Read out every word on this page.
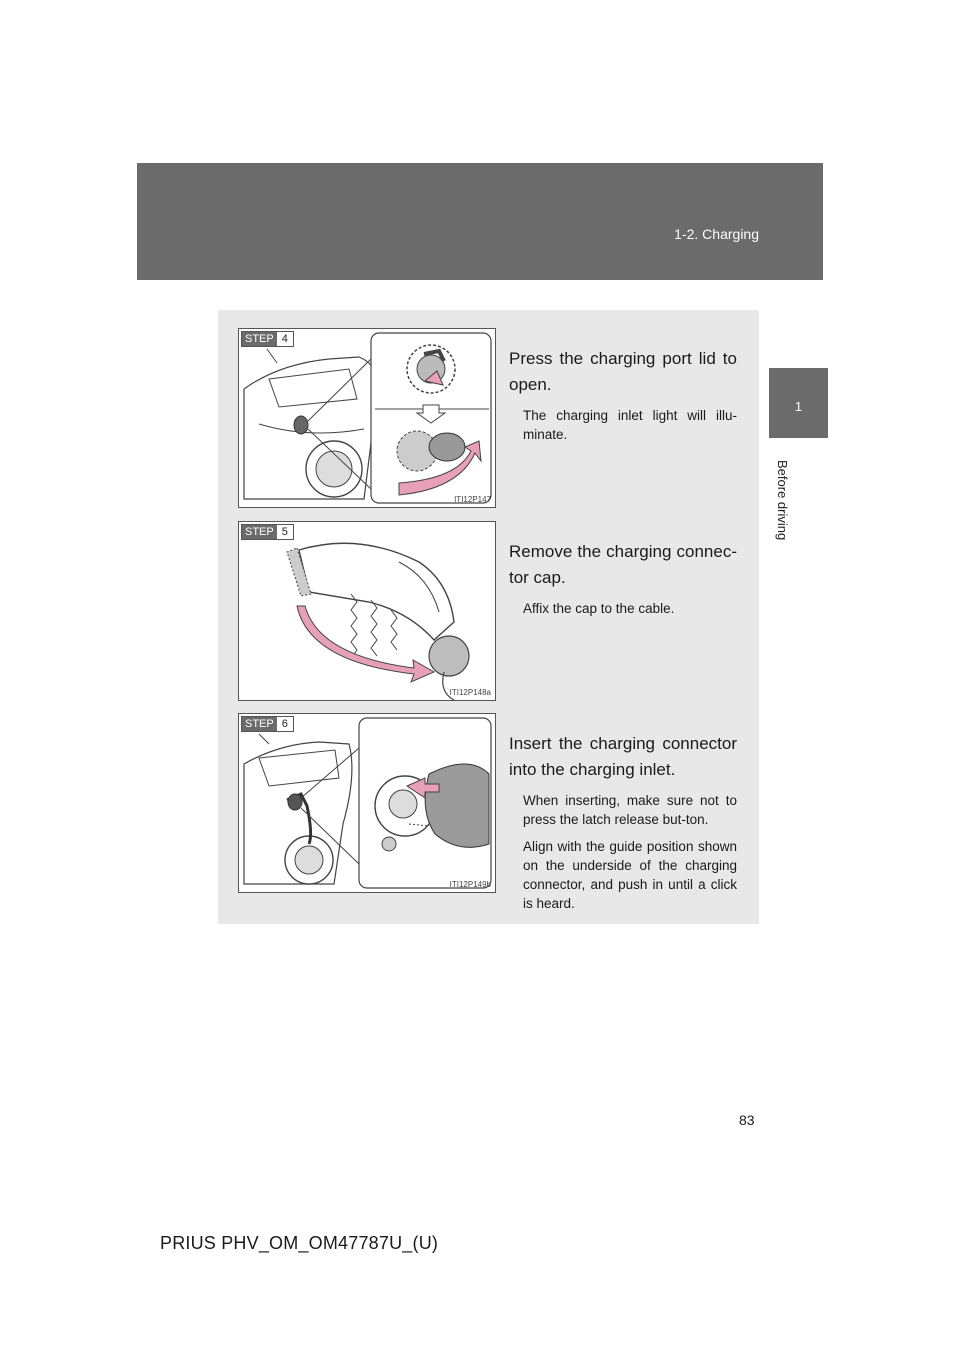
1-2. Charging
1
Before driving
STEP 4
ITI12P147

Press the charging port lid to open.

The charging inlet light will illu-minate.

STEP 5
ITI12P148a

Remove the charging connec-tor cap.

Affix the cap to the cable.

STEP 6
ITI12P149b

Insert the charging connector into the charging inlet.

When inserting, make sure not to press the latch release but-ton.

Align with the guide position shown on the underside of the charging connector, and push in until a click is heard.

83
PRIUS PHV_OM_OM47787U_(U)
